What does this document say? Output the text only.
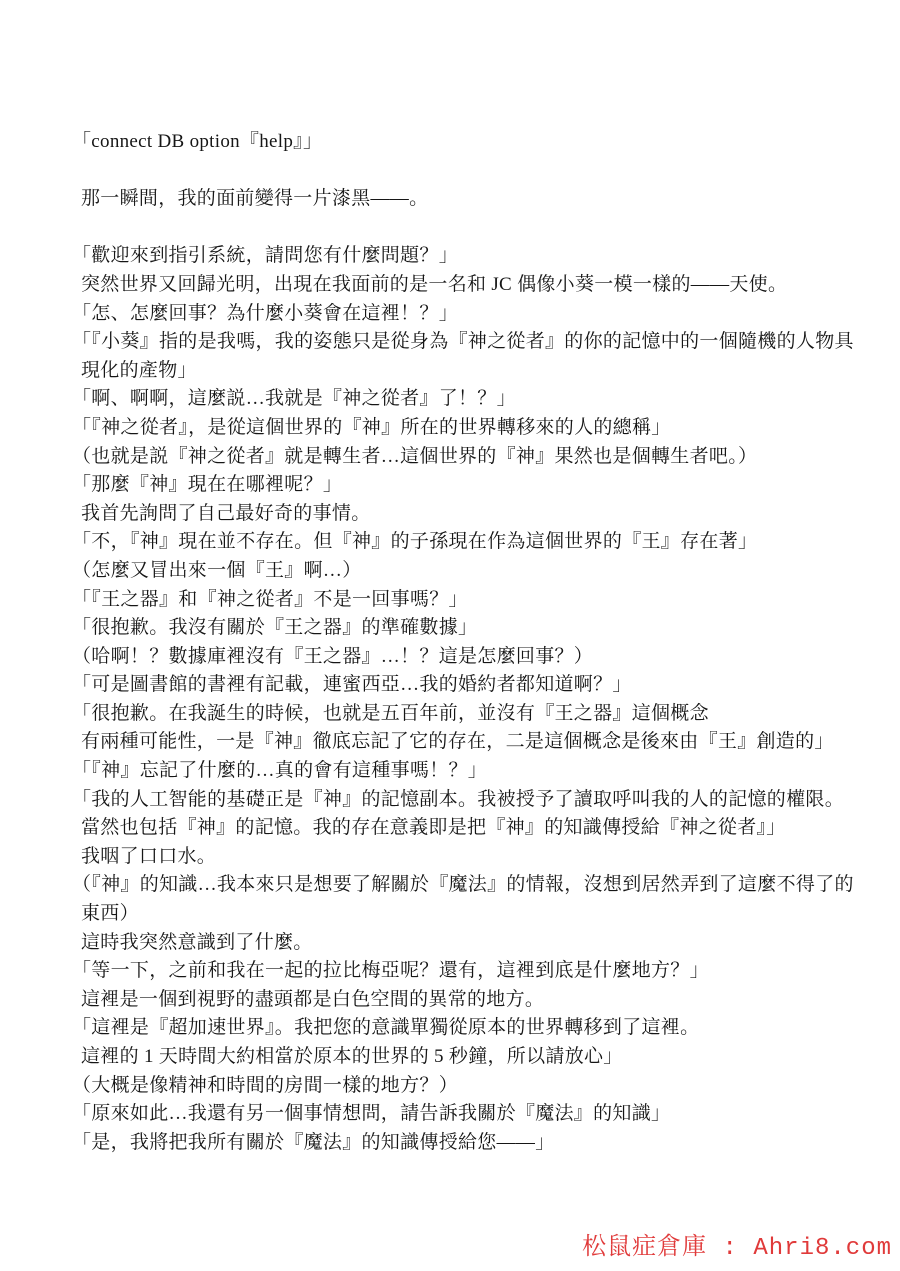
「connect DB option『help』」
那一瞬間，我的面前變得一片漆黑——。
「歡迎來到指引系統，請問您有什麼問題？」
突然世界又回歸光明，出現在我面前的是一名和 JC 偶像小葵一模一樣的——天使。
「怎、怎麼回事？為什麼小葵會在這裡！？」
「『小葵』指的是我嗎，我的姿態只是從身為『神之從者』的你的記憶中的一個隨機的人物具
現化的產物」
「啊、啊啊，這麼説…我就是『神之從者』了！？」
「『神之從者』，是從這個世界的『神』所在的世界轉移來的人的總稱」
（也就是説『神之從者』就是轉生者…這個世界的『神』果然也是個轉生者吧。）
「那麼『神』現在在哪裡呢？」
我首先詢問了自己最好奇的事情。
「不，『神』現在並不存在。但『神』的子孫現在作為這個世界的『王』存在著」
（怎麼又冒出來一個『王』啊…）
「『王之器』和『神之從者』不是一回事嗎？」
「很抱歉。我沒有關於『王之器』的準確數據」
（哈啊！？數據庫裡沒有『王之器』…！？這是怎麼回事？）
「可是圖書館的書裡有記載，連蜜西亞…我的婚約者都知道啊？」
「很抱歉。在我誕生的時候，也就是五百年前，並沒有『王之器』這個概念
有兩種可能性，一是『神』徹底忘記了它的存在，二是這個概念是後來由『王』創造的」
「『神』忘記了什麼的…真的會有這種事嗎！？」
「我的人工智能的基礎正是『神』的記憶副本。我被授予了讀取呼叫我的人的記憶的權限。
當然也包括『神』的記憶。我的存在意義即是把『神』的知識傳授給『神之從者』」
我咽了口口水。
（『神』的知識…我本來只是想要了解關於『魔法』的情報，沒想到居然弄到了這麼不得了的
東西）
這時我突然意識到了什麼。
「等一下，之前和我在一起的拉比梅亞呢？還有，這裡到底是什麼地方？」
這裡是一個到視野的盡頭都是白色空間的異常的地方。
「這裡是『超加速世界』。我把您的意識單獨從原本的世界轉移到了這裡。
這裡的 1 天時間大約相當於原本的世界的 5 秒鐘，所以請放心」
（大概是像精神和時間的房間一樣的地方？）
「原來如此…我還有另一個事情想問，請告訴我關於『魔法』的知識」
「是，我將把我所有關於『魔法』的知識傳授給您——」
松鼠症倉庫 : Ahri8.com
